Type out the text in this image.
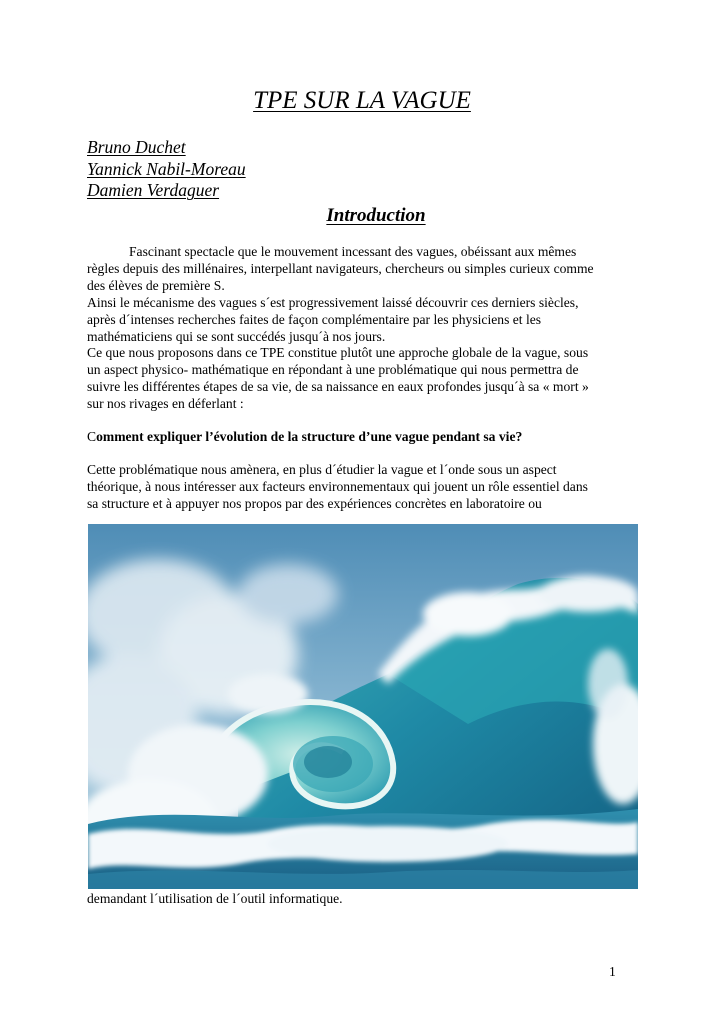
TPE SUR LA VAGUE
Bruno Duchet
Yannick Nabil-Moreau
Damien Verdaguer
Introduction

Fascinant spectacle que le mouvement incessant des vagues, obéissant aux mêmes

règles depuis des millénaires, interpellant navigateurs, chercheurs ou simples curieux comme

des élèves de première S.

Ainsi le mécanisme des vagues s´est progressivement laissé découvrir ces derniers siècles,

après d´intenses recherches faites de façon complémentaire par les physiciens et les

mathématiciens qui se sont succédés jusqu´à nos jours.

Ce que nous proposons dans ce TPE constitue plutôt une approche globale de la vague, sous

un aspect physico- mathématique en répondant à une problématique qui nous permettra de

suivre les différentes étapes de sa vie, de sa naissance en eaux profondes jusqu´à sa « mort »

sur nos rivages en déferlant :

Comment expliquer l’évolution de la structure d’une vague pendant sa vie?
Cette problématique nous amènera, en plus d´étudier la vague et l´onde sous un aspect
théorique, à nous intéresser aux facteurs environnementaux qui jouent un rôle essentiel dans
sa structure et à appuyer nos propos par des expériences concrètes en laboratoire ou
demandant l´utilisation de l´outil informatique.
1
